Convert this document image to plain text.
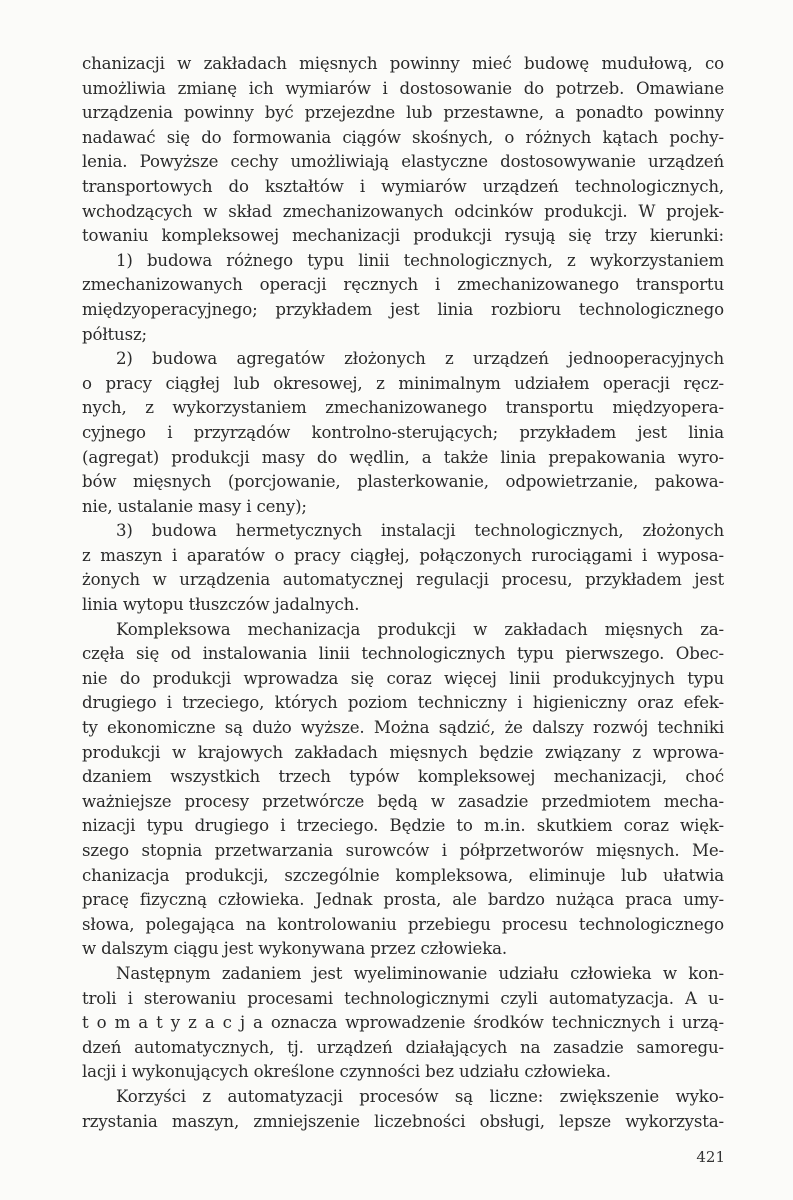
chanizacji w zakładach mięsnych powinny mieć budowę mudułową, co
umożliwia zmianę ich wymiarów i dostosowanie do potrzeb. Omawiane
urządzenia powinny być przejezdne lub przestawne, a ponadto powinny
nadawać się do formowania ciągów skośnych, o różnych kątach pochy-
lenia. Powyższe cechy umożliwiają elastyczne dostosowywanie urządzeń
transportowych do kształtów i wymiarów urządzeń technologicznych,
wchodzących w skład zmechanizowanych odcinków produkcji. W projek-
towaniu kompleksowej mechanizacji produkcji rysują się trzy kierunki:
1) budowa różnego typu linii technologicznych, z wykorzystaniem
zmechanizowanych operacji ręcznych i zmechanizowanego transportu
międzyoperacyjnego; przykładem jest linia rozbioru technologicznego
półtusz;
2) budowa agregatów złożonych z urządzeń jednooperacyjnych
o pracy ciągłej lub okresowej, z minimalnym udziałem operacji ręcz-
nych, z wykorzystaniem zmechanizowanego transportu międzyopera-
cyjnego i przyrządów kontrolno-sterujących; przykładem jest linia
(agregat) produkcji masy do wędlin, a także linia prepakowania wyro-
bów mięsnych (porcjowanie, plasterkowanie, odpowietrzanie, pakowa-
nie, ustalanie masy i ceny);
3) budowa hermetycznych instalacji technologicznych, złożonych
z maszyn i aparatów o pracy ciągłej, połączonych rurociągami i wyposa-
żonych w urządzenia automatycznej regulacji procesu, przykładem jest
linia wytopu tłuszczów jadalnych.
Kompleksowa mechanizacja produkcji w zakładach mięsnych za-
częła się od instalowania linii technologicznych typu pierwszego. Obec-
nie do produkcji wprowadza się coraz więcej linii produkcyjnych typu
drugiego i trzeciego, których poziom techniczny i higieniczny oraz efek-
ty ekonomiczne są dużo wyższe. Można sądzić, że dalszy rozwój techniki
produkcji w krajowych zakładach mięsnych będzie związany z wprowa-
dzaniem wszystkich trzech typów kompleksowej mechanizacji, choć
ważniejsze procesy przetwórcze będą w zasadzie przedmiotem mecha-
nizacji typu drugiego i trzeciego. Będzie to m.in. skutkiem coraz więk-
szego stopnia przetwarzania surowców i półprzetworów mięsnych. Me-
chanizacja produkcji, szczególnie kompleksowa, eliminuje lub ułatwia
pracę fizyczną człowieka. Jednak prosta, ale bardzo nużąca praca umy-
słowa, polegająca na kontrolowaniu przebiegu procesu technologicznego
w dalszym ciągu jest wykonywana przez człowieka.
Następnym zadaniem jest wyeliminowanie udziału człowieka w kon-
troli i sterowaniu procesami technologicznymi czyli automatyzacja. A u-
t o m a t y z a c j a oznacza wprowadzenie środków technicznych i urzą-
dzeń automatycznych, tj. urządzeń działających na zasadzie samoregu-
lacji i wykonujących określone czynności bez udziału człowieka.
Korzyści z automatyzacji procesów są liczne: zwiększenie wyko-
rzystania maszyn, zmniejszenie liczebności obsługi, lepsze wykorzysta-
421
